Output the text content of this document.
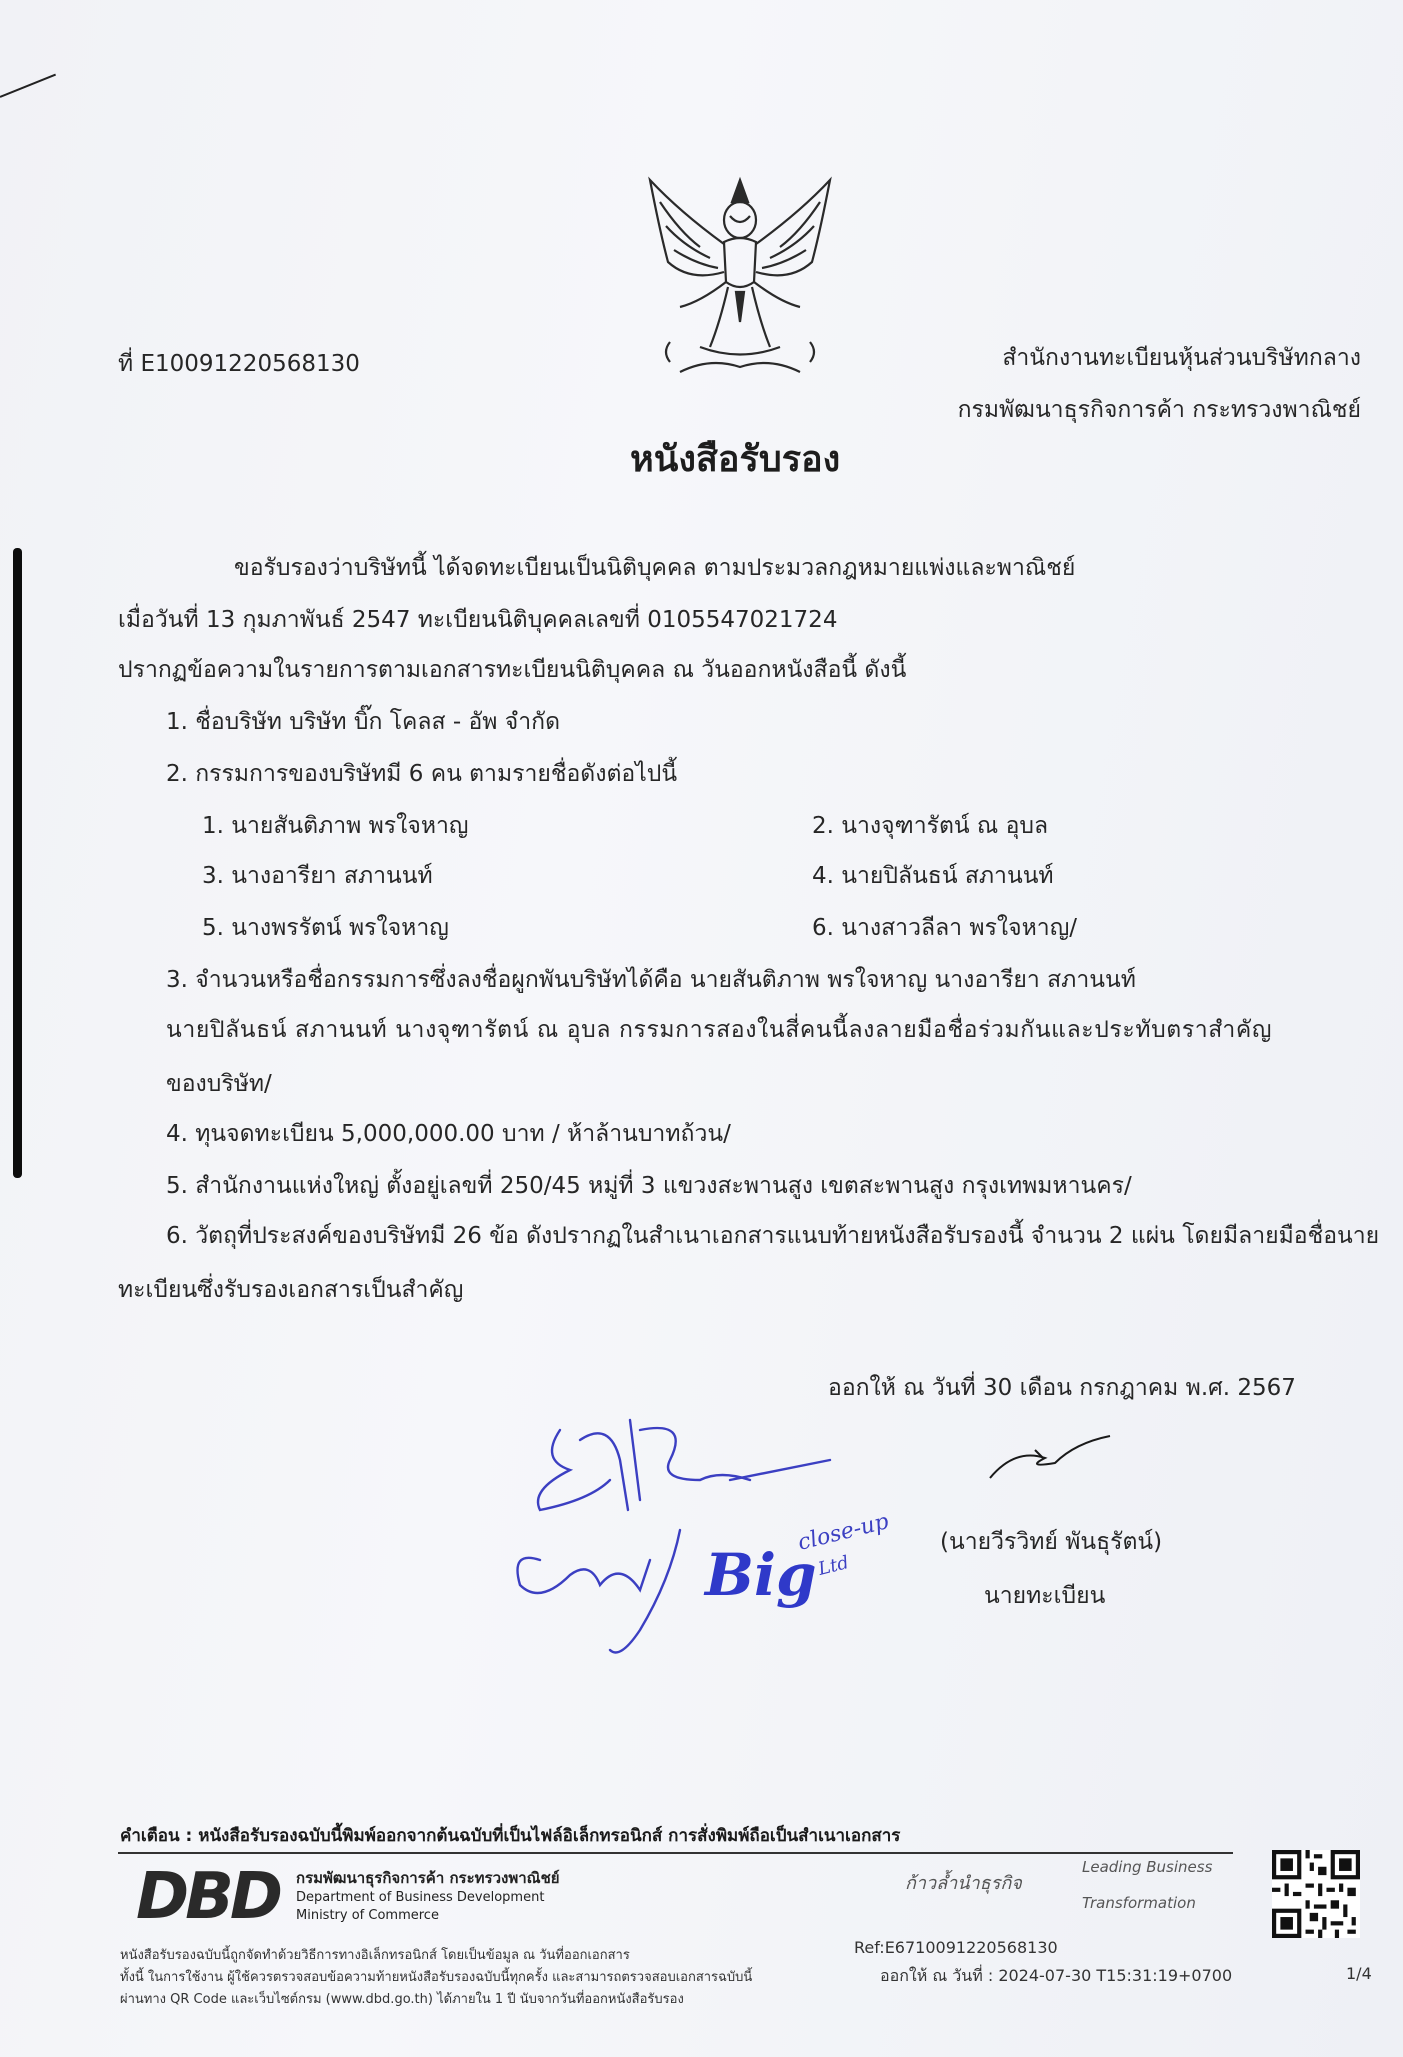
ที่ E10091220568130	สำนักงานทะเบียนหุ้นส่วนบริษัทกลาง
กรมพัฒนาธุรกิจการค้า กระทรวงพาณิชย์
หนังสือรับรอง
ขอรับรองว่าบริษัทนี้ ได้จดทะเบียนเป็นนิติบุคคล ตามประมวลกฎหมายแพ่งและพาณิชย์
เมื่อวันที่ 13 กุมภาพันธ์ 2547 ทะเบียนนิติบุคคลเลขที่ 0105547021724
ปรากฏข้อความในรายการตามเอกสารทะเบียนนิติบุคคล ณ วันออกหนังสือนี้ ดังนี้
1. ชื่อบริษัท บริษัท บิ๊ก โคลส - อัพ จำกัด
2. กรรมการของบริษัทมี 6 คน ตามรายชื่อดังต่อไปนี้
1. นายสันติภาพ พรใจหาญ	2. นางจุฑารัตน์ ณ อุบล
3. นางอารียา สภานนท์	4. นายปิลันธน์ สภานนท์
5. นางพรรัตน์ พรใจหาญ	6. นางสาวลีลา พรใจหาญ/
3. จำนวนหรือชื่อกรรมการซึ่งลงชื่อผูกพันบริษัทได้คือ นายสันติภาพ พรใจหาญ นางอารียา สภานนท์
นายปิลันธน์ สภานนท์ นางจุฑารัตน์ ณ อุบล กรรมการสองในสี่คนนี้ลงลายมือชื่อร่วมกันและประทับตราสำคัญ
ของบริษัท/
4. ทุนจดทะเบียน 5,000,000.00 บาท / ห้าล้านบาทถ้วน/
5. สำนักงานแห่งใหญ่ ตั้งอยู่เลขที่ 250/45 หมู่ที่ 3 แขวงสะพานสูง เขตสะพานสูง กรุงเทพมหานคร/
6. วัตถุที่ประสงค์ของบริษัทมี 26 ข้อ ดังปรากฏในสำเนาเอกสารแนบท้ายหนังสือรับรองนี้ จำนวน 2 แผ่น โดยมีลายมือชื่อนาย
ทะเบียนซึ่งรับรองเอกสารเป็นสำคัญ
ออกให้ ณ วันที่ 30 เดือน กรกฎาคม พ.ศ. 2567
Big
close-up
Ltd
(นายวีรวิทย์ พันธุรัตน์)
นายทะเบียน
คำเตือน : หนังสือรับรองฉบับนี้พิมพ์ออกจากต้นฉบับที่เป็นไฟล์อิเล็กทรอนิกส์ การสั่งพิมพ์ถือเป็นสำเนาเอกสาร
DBD กรมพัฒนาธุรกิจการค้า กระทรวงพาณิชย์
Department of Business Development
Ministry of Commerce
ก้าวล้ำนำธุรกิจ
Leading Business
Transformation
หนังสือรับรองฉบับนี้ถูกจัดทำด้วยวิธีการทางอิเล็กทรอนิกส์ โดยเป็นข้อมูล ณ วันที่ออกเอกสาร
ทั้งนี้ ในการใช้งาน ผู้ใช้ควรตรวจสอบข้อความท้ายหนังสือรับรองฉบับนี้ทุกครั้ง และสามารถตรวจสอบเอกสารฉบับนี้
ผ่านทาง QR Code และเว็บไซต์กรม (www.dbd.go.th) ได้ภายใน 1 ปี นับจากวันที่ออกหนังสือรับรอง
Ref:E6710091220568130
ออกให้ ณ วันที่ : 2024-07-30 T15:31:19+0700	1/4
